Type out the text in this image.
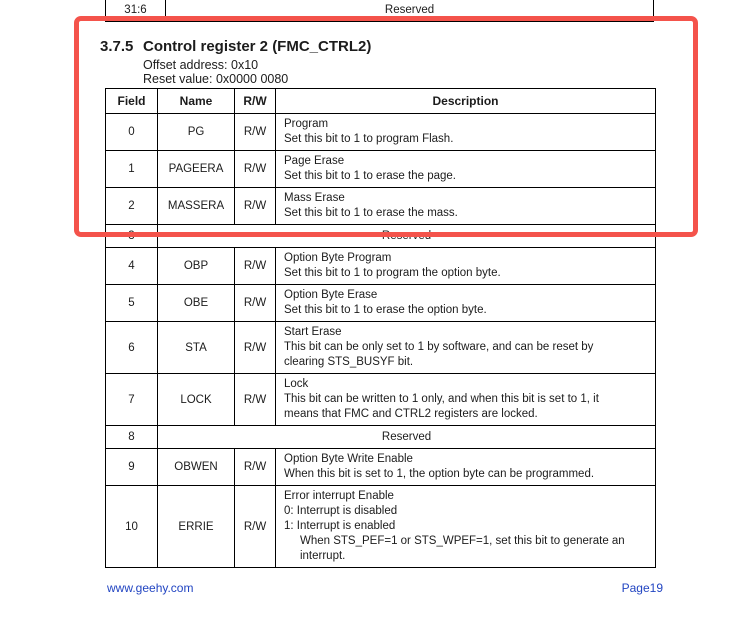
31:6	Reserved
3.7.5 Control register 2 (FMC_CTRL2)
Offset address: 0x10
Reset value: 0x0000 0080
Field	Name	R/W	Description
0	PG	R/W	Program
Set this bit to 1 to program Flash.

1	PAGEERA	R/W	Page Erase
Set this bit to 1 to erase the page.

2	MASSERA	R/W	Mass Erase
Set this bit to 1 to erase the mass.

3	Reserved		
4	OBP	R/W	Option Byte Program
Set this bit to 1 to program the option byte.

5	OBE	R/W	Option Byte Erase
Set this bit to 1 to erase the option byte.

6	STA	R/W	Start Erase
This bit can be only set to 1 by software, and can be reset by
clearing STS_BUSYF bit.

7	LOCK	R/W	Lock
This bit can be written to 1 only, and when this bit is set to 1, it
means that FMC and CTRL2 registers are locked.

8	Reserved		
9	OBWEN	R/W	Option Byte Write Enable
When this bit is set to 1, the option byte can be programmed.

10	ERRIE	R/W	Error interrupt Enable
0: Interrupt is disabled
1: Interrupt is enabled
When STS_PEF=1 or STS_WPEF=1, set this bit to generate an
interrupt.
www.geehy.com	Page19
